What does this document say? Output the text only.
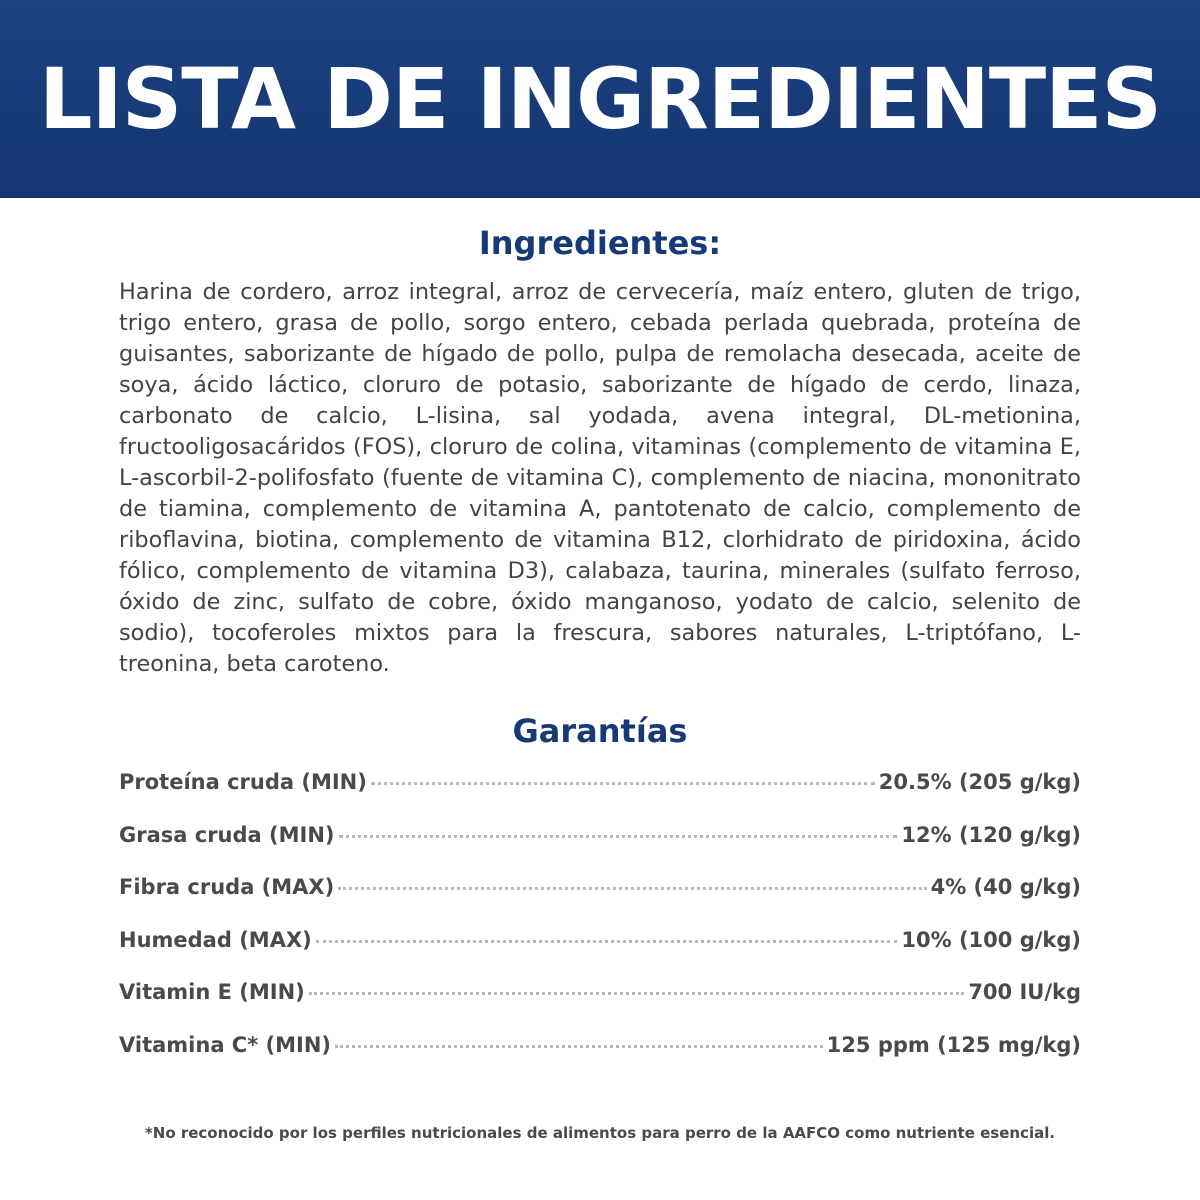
LISTA DE INGREDIENTES
Ingredientes:

Harina de cordero, arroz integral, arroz de cervecería, maíz entero, gluten de trigo, trigo entero, grasa de pollo, sorgo entero, cebada perlada quebrada, proteína de guisantes, saborizante de hígado de pollo, pulpa de remolacha desecada, aceite de soya, ácido láctico, cloruro de potasio, saborizante de hígado de cerdo, linaza, carbonato de calcio, L-lisina, sal yodada, avena integral, DL-metionina, fructooligosacáridos (FOS), cloruro de colina, vitaminas (complemento de vitamina E, L-ascorbil-2-polifosfato (fuente de vitamina C), complemento de niacina, mononitrato de tiamina, complemento de vitamina A, pantotenato de calcio, complemento de riboflavina, biotina, complemento de vitamina B12, clorhidrato de piridoxina, ácido fólico, complemento de vitamina D3), calabaza, taurina, minerales (sulfato ferroso, óxido de zinc, sulfato de cobre, óxido manganoso, yodato de calcio, selenito de sodio), tocoferoles mixtos para la frescura, sabores naturales, L-triptófano, L-treonina, beta caroteno.

Garantías
Proteína cruda (MIN)	20.5% (205 g/kg)
Grasa cruda (MIN)	12% (120 g/kg)
Fibra cruda (MAX)	4% (40 g/kg)
Humedad (MAX)	10% (100 g/kg)
Vitamin E (MIN)	700 IU/kg
Vitamina C* (MIN)	125 ppm (125 mg/kg)

*No reconocido por los perfiles nutricionales de alimentos para perro de la AAFCO como nutriente esencial.
